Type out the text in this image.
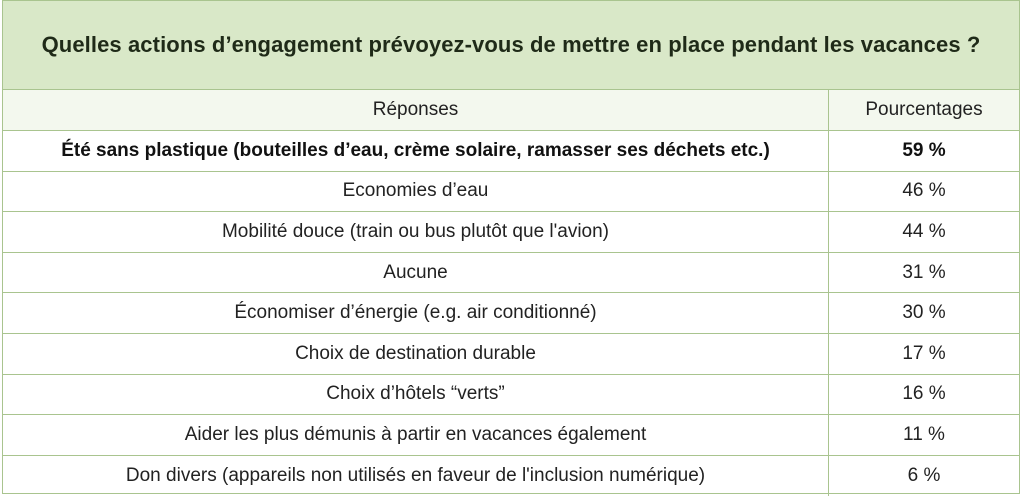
Quelles actions d’engagement prévoyez-vous de mettre en place pendant les vacances ?
Réponses	Pourcentages
Été sans plastique (bouteilles d’eau, crème solaire, ramasser ses déchets etc.)	59 %
Economies d’eau	46 %
Mobilité douce (train ou bus plutôt que l'avion)	44 %
Aucune	31 %
Économiser d’énergie (e.g. air conditionné)	30 %
Choix de destination durable	17 %
Choix d’hôtels “verts”	16 %
Aider les plus démunis à partir en vacances également	11 %
Don divers (appareils non utilisés en faveur de l'inclusion numérique)	6 %
